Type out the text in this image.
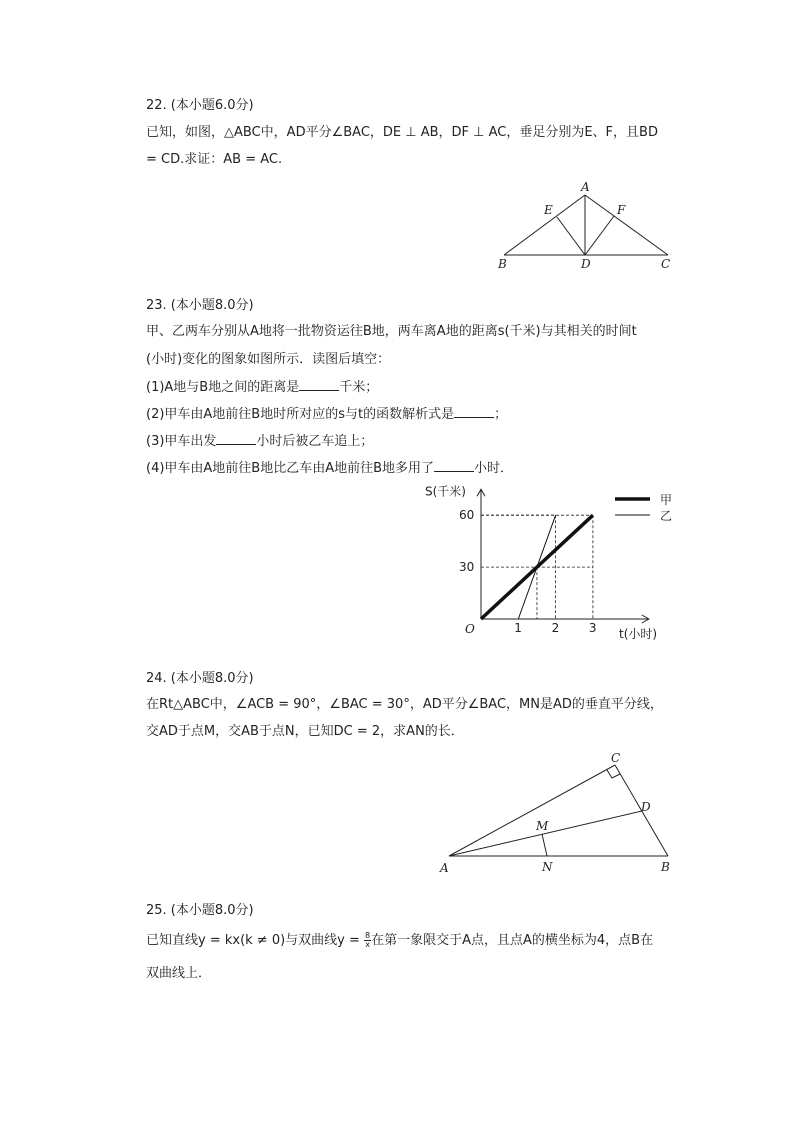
22. (本小题6.0分)
已知，如图，△ABC中，AD平分∠BAC，DE ⊥ AB，DF ⊥ AC，垂足分别为E、F，且BD
= CD.求证：AB = AC.
A
E	F
B	D	C
23. (本小题8.0分)
甲、乙两车分别从A地将一批物资运往B地，两车离A地的距离s(千米)与其相关的时间t
(小时)变化的图象如图所示．读图后填空：
(1)A地与B地之间的距离是	千米；
(2)甲车由A地前往B地时所对应的s与t的函数解析式是	；
(3)甲车出发	小时后被乙车追上；
(4)甲车由A地前往B地比乙车由A地前往B地多用了	小时．
1 2 3
30
60
O	t(小时)
S(千米)
甲
乙
24. (本小题8.0分)
在Rt△ABC中，∠ACB = 90°，∠BAC = 30°，AD平分∠BAC，MN是AD的垂直平分线，
交AD于点M，交AB于点N，已知DC = 2，求AN的长．
C
D
M
A	N	B
25. (本小题8.0分)
已知直线y = kx(k ≠ 0)与双曲线$y = \frac{8}{x}$ 在第一象限交于A点，且点A的横坐标为4，点B在
双曲线上．
